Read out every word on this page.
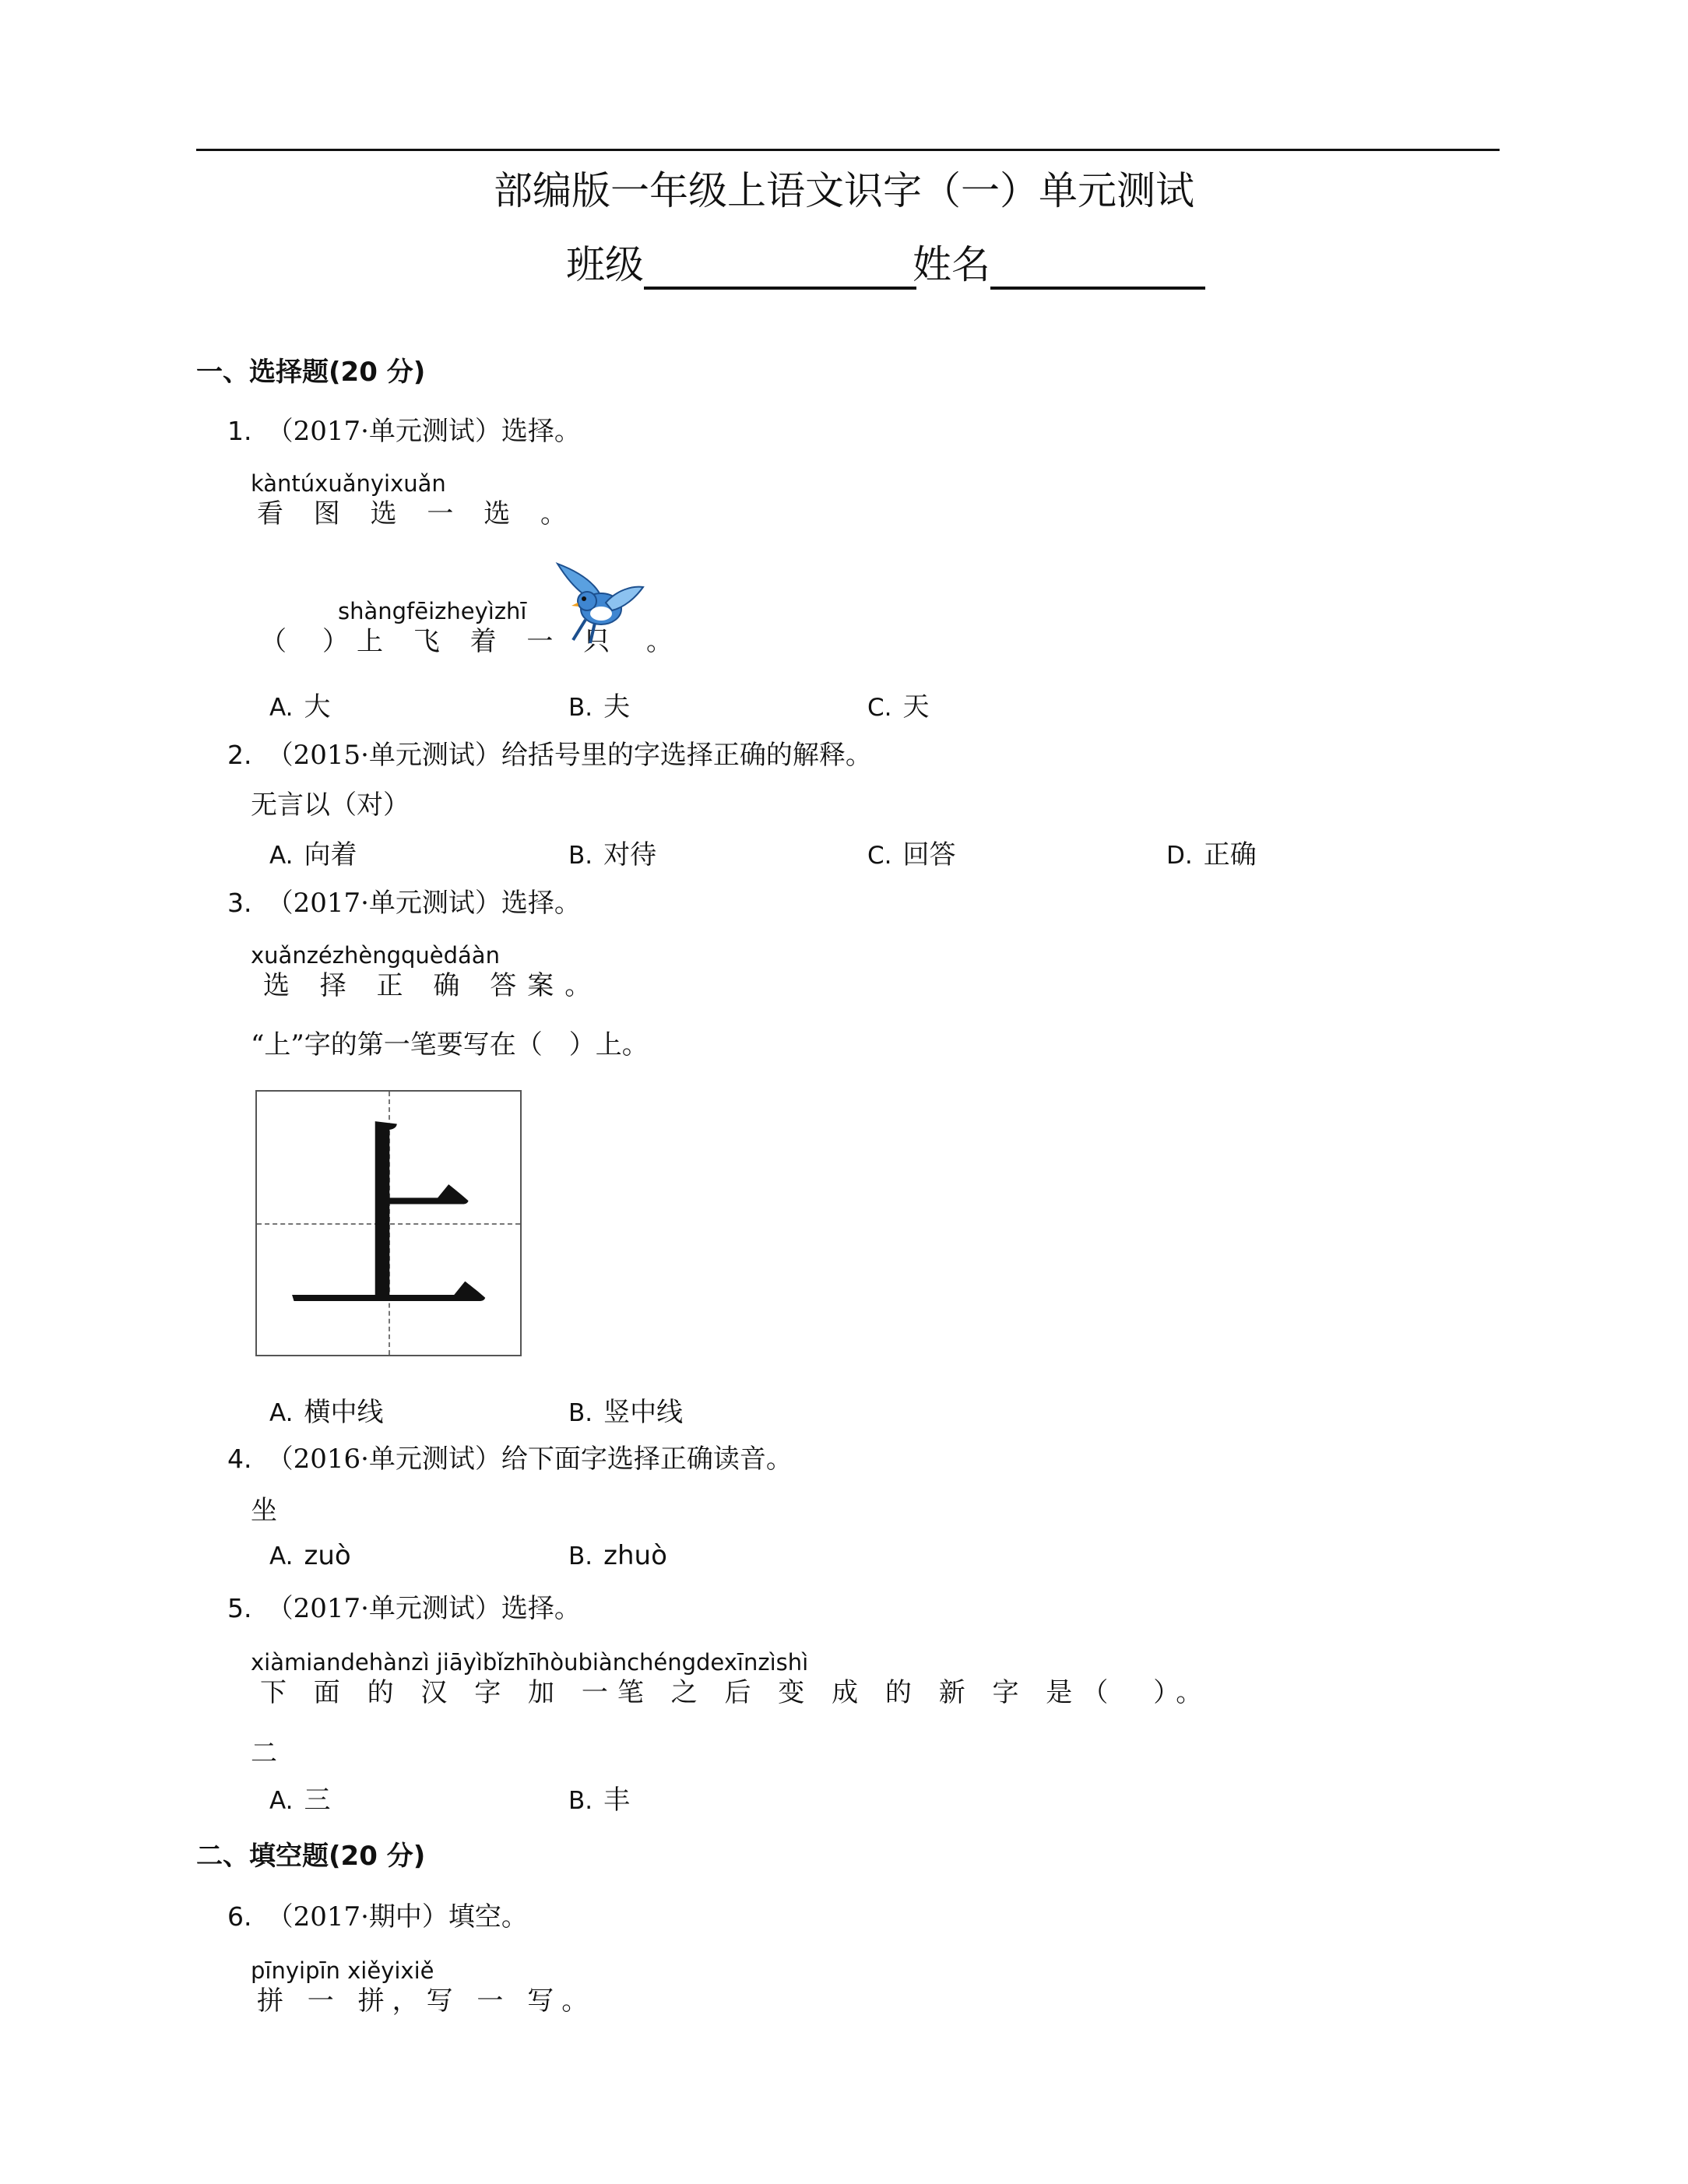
部编版一年级上语文识字（一）单元测试
班级	姓名
一、选择题(20 分)
1. （2017·单元测试）选择。
kàntúxuǎnyixuǎn
看 图 选 一 选 。
shàngfēizheyìzhī
（　） 上 飞 着 一 只 。
A. 大	B. 夫	C. 天
2. （2015·单元测试）给括号里的字选择正确的解释。
无言以（对）
A. 向着	B. 对待	C. 回答	D. 正确
3. （2017·单元测试）选择。
xuǎnzézhèngquèdáàn
选 择 正 确 答案。
“上”字的第一笔要写在（　）上。
上
A. 横中线	B. 竖中线
4. （2016·单元测试）给下面字选择正确读音。
坐
A. zuò	B. zhuò
5. （2017·单元测试）选择。
xiàmiandehànzì jiāyìbǐzhīhòubiànchéngdexīnzìshì
下 面 的 汉 字 加 一笔 之 后 变 成 的 新 字 是（　）。
二
A. 三	B. 丰
二、填空题(20 分)
6. （2017·期中）填空。
pīnyipīn xiěyixiě
拼 一 拼，写 一 写。
